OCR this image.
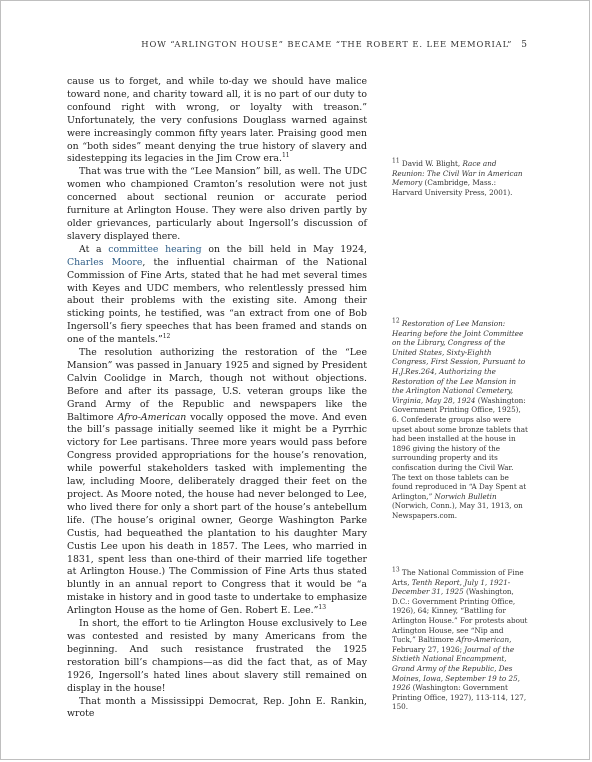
HOW “ARLINGTON HOUSE” BECAME “THE ROBERT E. LEE MEMORIAL” 5

cause us to forget, and while to-day we should have malice toward none, and charity toward all, it is no part of our duty to confound right with wrong, or loyalty with treason.” Unfortunately, the very confusions Douglass warned against were increasingly common fifty years later. Praising good men on “both sides” meant denying the true history of slavery and sidestepping its legacies in the Jim Crow era.$^{11}$

That was true with the “Lee Mansion” bill, as well. The UDC women who championed Cramton’s resolution were not just concerned about sectional reunion or accurate period furniture at Arlington House. They were also driven partly by older grievances, particularly about Ingersoll’s discussion of slavery displayed there.

At a committee hearing on the bill held in May 1924, Charles Moore, the influential chairman of the National Commission of Fine Arts, stated that he had met several times with Keyes and UDC members, who relentlessly pressed him about their problems with the existing site. Among their sticking points, he testified, was “an extract from one of Bob Ingersoll’s fiery speeches that has been framed and stands on one of the mantels.”$^{12}$

The resolution authorizing the restoration of the “Lee Mansion” was passed in January 1925 and signed by President Calvin Coolidge in March, though not without objections. Before and after its passage, U.S. veteran groups like the Grand Army of the Republic and newspapers like the Baltimore Afro-American vocally opposed the move. And even the bill’s passage initially seemed like it might be a Pyrrhic victory for Lee partisans. Three more years would pass before Congress provided appropriations for the house’s renovation, while powerful stakeholders tasked with implementing the law, including Moore, deliberately dragged their feet on the project. As Moore noted, the house had never belonged to Lee, who lived there for only a short part of the house’s antebellum life. (The house’s original owner, George Washington Parke Custis, had bequeathed the plantation to his daughter Mary Custis Lee upon his death in 1857. The Lees, who married in 1831, spent less than one-third of their married life together at Arlington House.) The Commission of Fine Arts thus stated bluntly in an annual report to Congress that it would be “a mistake in history and in good taste to undertake to emphasize Arlington House as the home of Gen. Robert E. Lee.”$^{13}$

In short, the effort to tie Arlington House exclusively to Lee was contested and resisted by many Americans from the beginning. And such resistance frustrated the 1925 restoration bill’s champions—as did the fact that, as of May 1926, Ingersoll’s hated lines about slavery still remained on display in the house!

That month a Mississippi Democrat, Rep. John E. Rankin, wrote

$^{11}$ David W. Blight, Race and Reunion: The Civil War in American Memory (Cambridge, Mass.: Harvard University Press, 2001).
$^{12}$ Restoration of Lee Mansion: Hearing before the Joint Committee on the Library, Congress of the United States, Sixty-Eighth Congress, First Session, Pursuant to H.J.Res.264, Authorizing the Restoration of the Lee Mansion in the Arlington National Cemetery, Virginia, May 28, 1924 (Washington: Government Printing Office, 1925), 6. Confederate groups also were upset about some bronze tablets that had been installed at the house in 1896 giving the history of the surrounding property and its confiscation during the Civil War. The text on those tablets can be found reproduced in “A Day Spent at Arlington,” Norwich Bulletin (Norwich, Conn.), May 31, 1913, on Newspapers.com.
$^{13}$ The National Commission of Fine Arts, Tenth Report, July 1, 1921-December 31, 1925 (Washington, D.C.: Government Printing Office, 1926), 64; Kinney, “Battling for Arlington House.” For protests about Arlington House, see “Nip and Tuck,” Baltimore Afro-American, February 27, 1926; Journal of the Sixtieth National Encampment, Grand Army of the Republic, Des Moines, Iowa, September 19 to 25, 1926 (Washington: Government Printing Office, 1927), 113-114, 127, 150.
